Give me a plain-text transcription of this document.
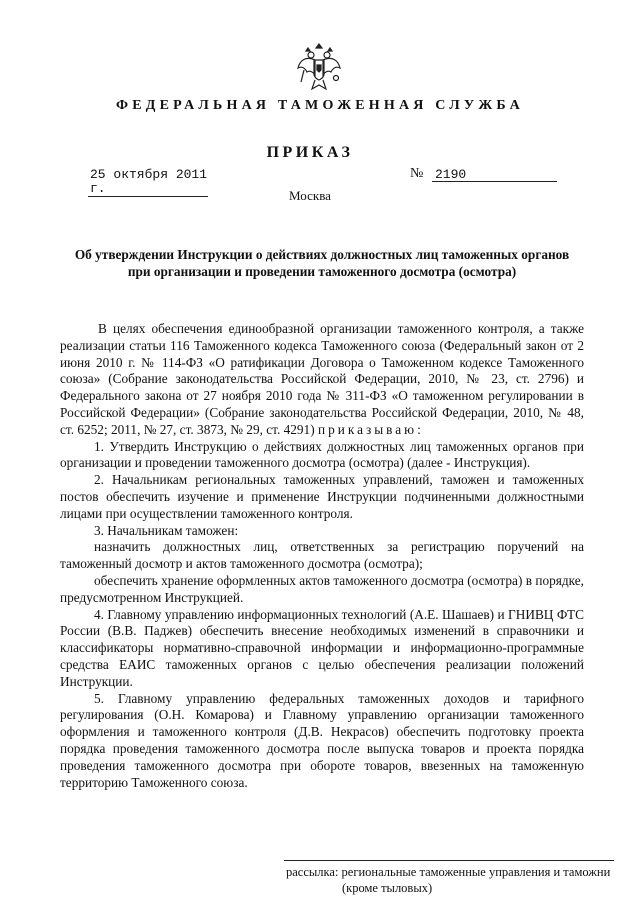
ФЕДЕРАЛЬНАЯ ТАМОЖЕННАЯ СЛУЖБА
ПРИКАЗ
25 октября 2011 г.
№ 2190
Москва
Об утверждении Инструкции о действиях должностных лиц таможенных органов при организации и проведении таможенного досмотра (осмотра)

В целях обеспечения единообразной организации таможенного контроля, а также реализации статьи 116 Таможенного кодекса Таможенного союза (Федеральный закон от 2 июня 2010 г. № 114-ФЗ «О ратификации Договора о Таможенном кодексе Таможенного союза» (Собрание законодательства Российской Федерации, 2010, № 23, ст. 2796) и Федерального закона от 27 ноября 2010 года № 311-ФЗ «О таможенном регулировании в Российской Федерации» (Собрание законодательства Российской Федерации, 2010, № 48, ст. 6252; 2011, № 27, ст. 3873, № 29, ст. 4291) приказываю:

1. Утвердить Инструкцию о действиях должностных лиц таможенных органов при организации и проведении таможенного досмотра (осмотра) (далее - Инструкция).

2. Начальникам региональных таможенных управлений, таможен и таможенных постов обеспечить изучение и применение Инструкции подчиненными должностными лицами при осуществлении таможенного контроля.

3. Начальникам таможен:

назначить должностных лиц, ответственных за регистрацию поручений на таможенный досмотр и актов таможенного досмотра (осмотра);

обеспечить хранение оформленных актов таможенного досмотра (осмотра) в порядке, предусмотренном Инструкцией.

4. Главному управлению информационных технологий (А.Е. Шашаев) и ГНИВЦ ФТС России (В.В. Паджев) обеспечить внесение необходимых изменений в справочники и классификаторы нормативно-справочной информации и информационно-программные средства ЕАИС таможенных органов с целью обеспечения реализации положений Инструкции.

5. Главному управлению федеральных таможенных доходов и тарифного регулирования (О.Н. Комарова) и Главному управлению организации таможенного оформления и таможенного контроля (Д.В. Некрасов) обеспечить подготовку проекта порядка проведения таможенного досмотра после выпуска товаров и проекта порядка проведения таможенного досмотра при обороте товаров, ввезенных на таможенную территорию Таможенного союза.

рассылка: региональные таможенные управления и таможни
(кроме тыловых)
